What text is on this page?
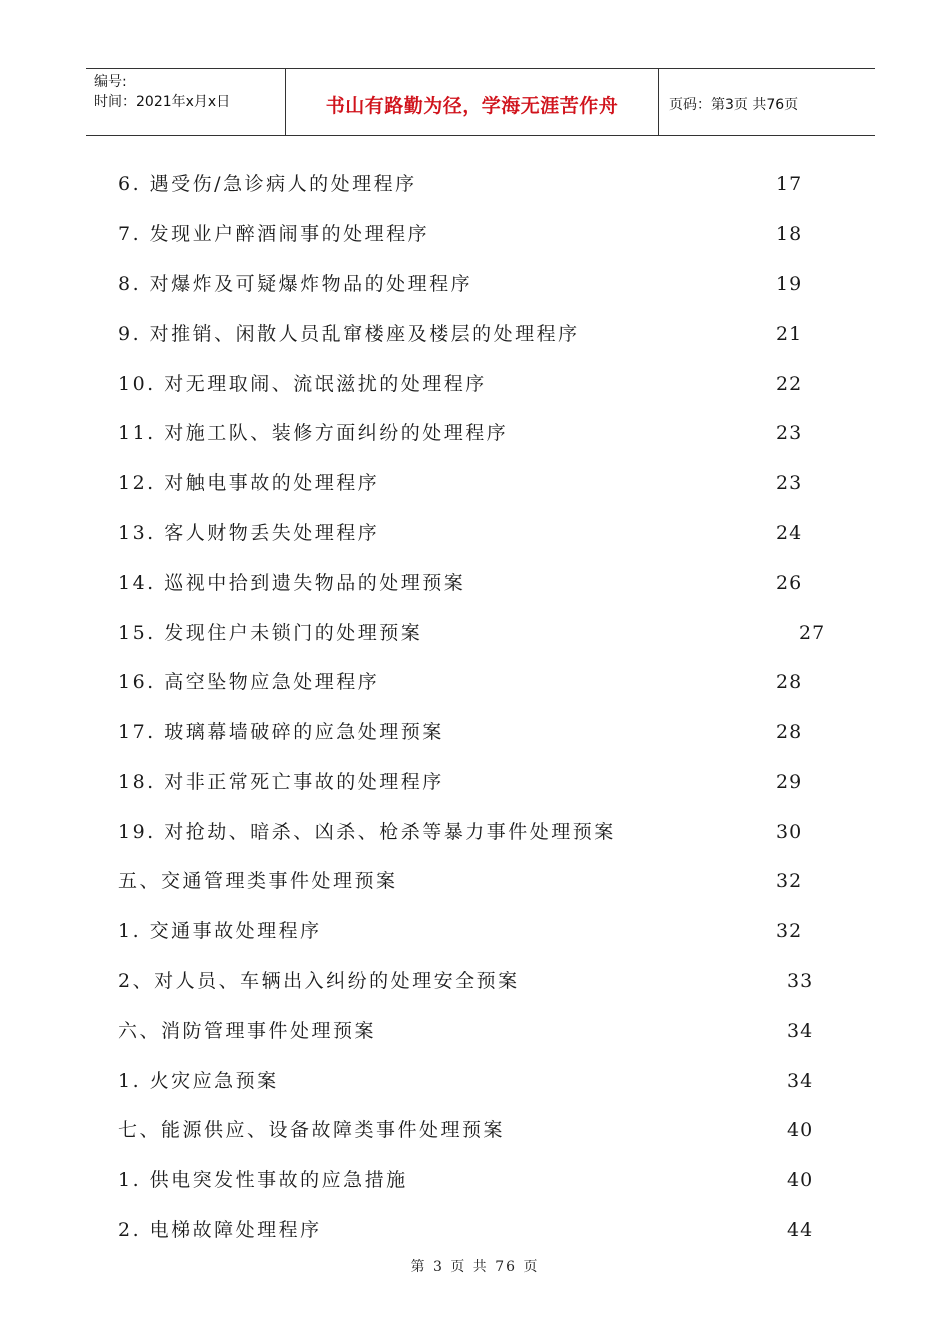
编号:
时间：2021年x月x日	书山有路勤为径，学海无涯苦作舟	页码：第3页 共76页
6. 遇受伤/急诊病人的处理程序	17
7. 发现业户醉酒闹事的处理程序	18
8. 对爆炸及可疑爆炸物品的处理程序	19
9. 对推销、闲散人员乱窜楼座及楼层的处理程序	21
10. 对无理取闹、流氓滋扰的处理程序	22
11. 对施工队、装修方面纠纷的处理程序	23
12. 对触电事故的处理程序	23
13. 客人财物丢失处理程序	24
14. 巡视中拾到遗失物品的处理预案	26
15. 发现住户未锁门的处理预案	27
16. 高空坠物应急处理程序	28
17. 玻璃幕墙破碎的应急处理预案	28
18. 对非正常死亡事故的处理程序	29
19. 对抢劫、暗杀、凶杀、枪杀等暴力事件处理预案	30
五、交通管理类事件处理预案	32
1. 交通事故处理程序	32
2、对人员、车辆出入纠纷的处理安全预案	33
六、消防管理事件处理预案	34
1. 火灾应急预案	34
七、能源供应、设备故障类事件处理预案	40
1. 供电突发性事故的应急措施	40
2. 电梯故障处理程序	44
第 3 页 共 76 页
